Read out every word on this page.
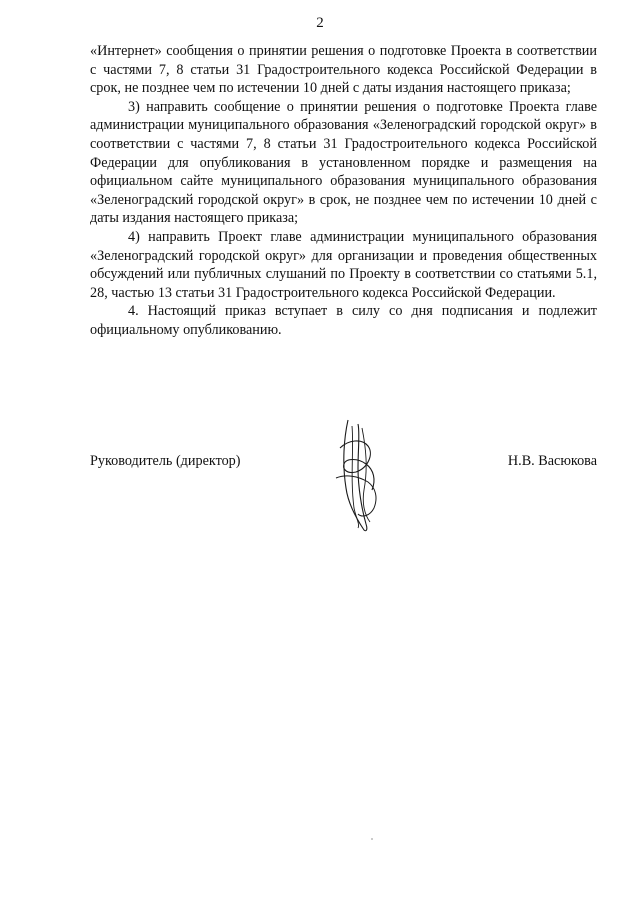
2

«Интернет» сообщения о принятии решения о подготовке Проекта в соответствии с частями 7, 8 статьи 31 Градостроительного кодекса Российской Федерации в срок, не позднее чем по истечении 10 дней с даты издания настоящего приказа;

3) направить сообщение о принятии решения о подготовке Проекта главе администрации муниципального образования «Зеленоградский городской округ» в соответствии с частями 7, 8 статьи 31 Градостроительного кодекса Российской Федерации для опубликования в установленном порядке и размещения на официальном сайте муниципального образования муниципального образования «Зеленоградский городской округ» в срок, не позднее чем по истечении 10 дней с даты издания настоящего приказа;

4) направить Проект главе администрации муниципального образования «Зеленоградский городской округ» для организации и проведения общественных обсуждений или публичных слушаний по Проекту в соответствии со статьями 5.1, 28, частью 13 статьи 31 Градостроительного кодекса Российской Федерации.

4. Настоящий приказ вступает в силу со дня подписания и подлежит официальному опубликованию.

Руководитель (директор)	Н.В. Васюкова
